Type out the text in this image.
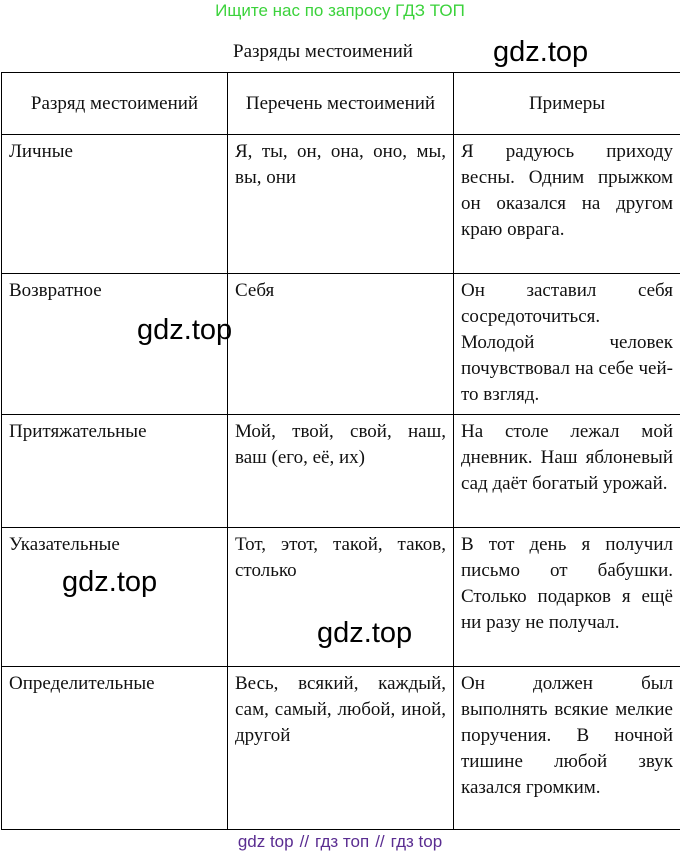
Ищите нас по запросу ГДЗ ТОП
Разряды местоимений
Разряд местоимений	Перечень местоимений	Примеры
Личные	Я, ты, он, она, оно, мы, вы, они	Я радуюсь приходу весны. Одним прыжком он оказался на другом краю оврага.
Возвратное	Себя	Он заставил себя сосредоточиться. Молодой человек почувствовал на себе чей-то взгляд.
Притяжательные	Мой, твой, свой, наш, ваш (его, её, их)	На столе лежал мой дневник. Наш яблоневый сад даёт богатый урожай.
Указательные	Тот, этот, такой, таков, столько	В тот день я получил письмо от бабушки. Столько подарков я ещё ни разу не получал.
Определительные	Весь, всякий, каждый, сам, самый, любой, иной, другой	Он должен был выполнять всякие мелкие поручения. В ночной тишине любой звук казался громким.
gdz.top
gdz.top
gdz.top
gdz.top
gdz top // гдз топ // гдз top
